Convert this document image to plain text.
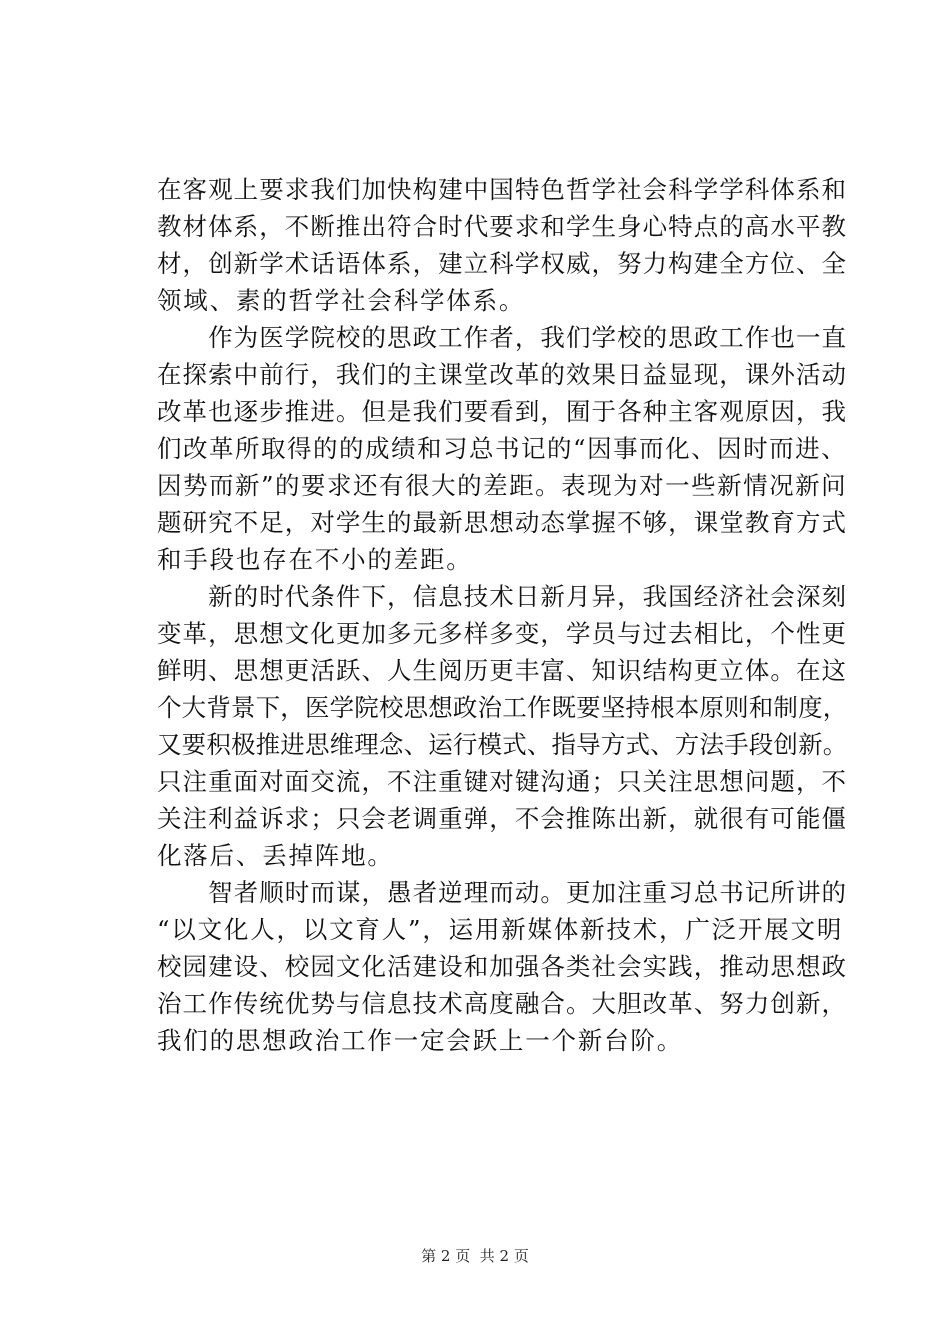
在客观上要求我们加快构建中国特色哲学社会科学学科体系和
教材体系，不断推出符合时代要求和学生身心特点的高水平教
材，创新学术话语体系，建立科学权威，努力构建全方位、全
领域、素的哲学社会科学体系。
　　作为医学院校的思政工作者，我们学校的思政工作也一直
在探索中前行，我们的主课堂改革的效果日益显现，课外活动
改革也逐步推进。但是我们要看到，囿于各种主客观原因，我
们改革所取得的的成绩和习总书记的“因事而化、因时而进、
因势而新”的要求还有很大的差距。表现为对一些新情况新问
题研究不足，对学生的最新思想动态掌握不够，课堂教育方式
和手段也存在不小的差距。
　　新的时代条件下，信息技术日新月异，我国经济社会深刻
变革，思想文化更加多元多样多变，学员与过去相比，个性更
鲜明、思想更活跃、人生阅历更丰富、知识结构更立体。在这
个大背景下，医学院校思想政治工作既要坚持根本原则和制度，
又要积极推进思维理念、运行模式、指导方式、方法手段创新。
只注重面对面交流，不注重键对键沟通；只关注思想问题，不
关注利益诉求；只会老调重弹，不会推陈出新，就很有可能僵
化落后、丢掉阵地。
　　智者顺时而谋，愚者逆理而动。更加注重习总书记所讲的
“以文化人，以文育人”，运用新媒体新技术，广泛开展文明
校园建设、校园文化活建设和加强各类社会实践，推动思想政
治工作传统优势与信息技术高度融合。大胆改革、努力创新，
我们的思想政治工作一定会跃上一个新台阶。
第 2 页  共 2 页
